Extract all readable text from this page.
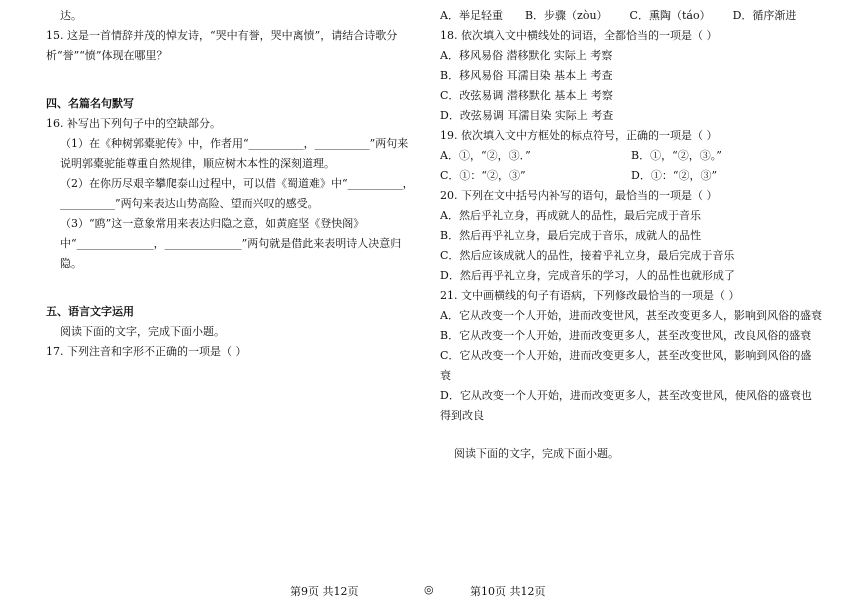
达。
15. 这是一首情辞并茂的悼友诗，“哭中有誉，哭中离愤”，请结合诗歌分析“誉”“愤”体现在哪里？
四、名篇名句默写
16. 补写出下列句子中的空缺部分。
（1）在《种树郭橐驼传》中，作者用“__________，__________”两句来说明郭橐驼能尊重自然规律，顺应树木本性的深刻道理。
（2）在你历尽艰辛攀爬泰山过程中，可以借《蜀道难》中“__________，__________”两句来表达山势高险、望而兴叹的感受。
（3）“鸥”这一意象常用来表达归隐之意，如黄庭坚《登快阁》中“______________，______________”两句就是借此来表明诗人决意归隐。
五、语言文字运用
阅读下面的文字，完成下面小题。
17. 下列注音和字形不正确的一项是（ ）
A．举足轻重 B．步骤（zòu） C．熏陶（táo） D．循序渐进
18. 依次填入文中横线处的词语，全都恰当的一项是（ ）
A．移风易俗 潜移默化 实际上 考察
B．移风易俗 耳濡目染 基本上 考查
C．改弦易调 潜移默化 基本上 考察
D．改弦易调 耳濡目染 实际上 考查
19. 依次填入文中方框处的标点符号，正确的一项是（ ）
A．①，“②，③．”	B．①，“②，③。”
C．①：“②，③”	D．①：“②，③”
20. 下列在文中括号内补写的语句，最恰当的一项是（ ）
A．然后乎礼立身，再成就人的品性，最后完成于音乐
B．然后再乎礼立身，最后完成于音乐，成就人的品性
C．然后应该成就人的品性，接着乎礼立身，最后完成于音乐
D．然后再乎礼立身，完成音乐的学习，人的品性也就形成了
21. 文中画横线的句子有语病，下列修改最恰当的一项是（ ）
A．它从改变一个人开始，进而改变世风，甚至改变更多人，影响到风俗的盛衰
B．它从改变一个人开始，进而改变更多人，甚至改变世风，改良风俗的盛衰
C．它从改变一个人开始，进而改变更多人，甚至改变世风，影响到风俗的盛衰
D．它从改变一个人开始，进而改变更多人，甚至改变世风，使风俗的盛衰也得到改良
阅读下面的文字，完成下面小题。
第9页 共12页	◎	第10页 共12页
